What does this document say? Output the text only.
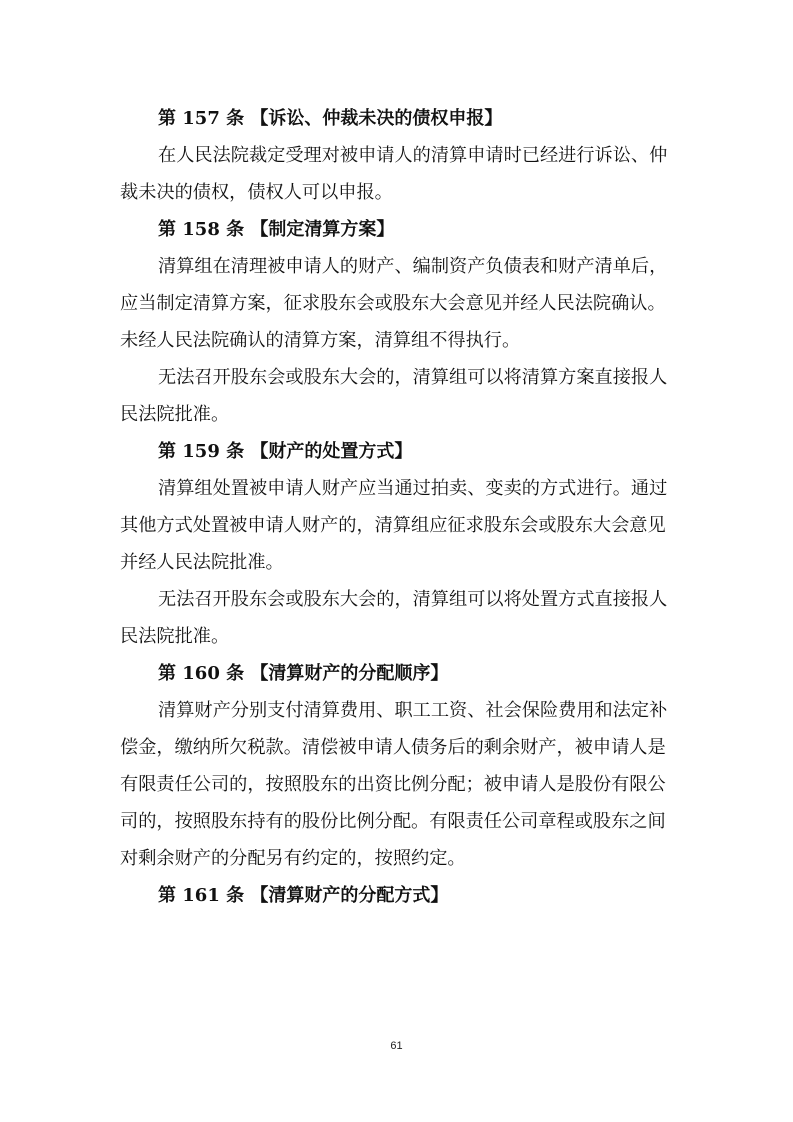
第 157 条 【诉讼、仲裁未决的债权申报】
在人民法院裁定受理对被申请人的清算申请时已经进行诉讼、仲
裁未决的债权，债权人可以申报。
第 158 条 【制定清算方案】
清算组在清理被申请人的财产、编制资产负债表和财产清单后，
应当制定清算方案，征求股东会或股东大会意见并经人民法院确认。
未经人民法院确认的清算方案，清算组不得执行。
无法召开股东会或股东大会的，清算组可以将清算方案直接报人
民法院批准。
第 159 条 【财产的处置方式】
清算组处置被申请人财产应当通过拍卖、变卖的方式进行。通过
其他方式处置被申请人财产的，清算组应征求股东会或股东大会意见
并经人民法院批准。
无法召开股东会或股东大会的，清算组可以将处置方式直接报人
民法院批准。
第 160 条 【清算财产的分配顺序】
清算财产分别支付清算费用、职工工资、社会保险费用和法定补
偿金，缴纳所欠税款。清偿被申请人债务后的剩余财产，被申请人是
有限责任公司的，按照股东的出资比例分配；被申请人是股份有限公
司的，按照股东持有的股份比例分配。有限责任公司章程或股东之间
对剩余财产的分配另有约定的，按照约定。
第 161 条 【清算财产的分配方式】
61
